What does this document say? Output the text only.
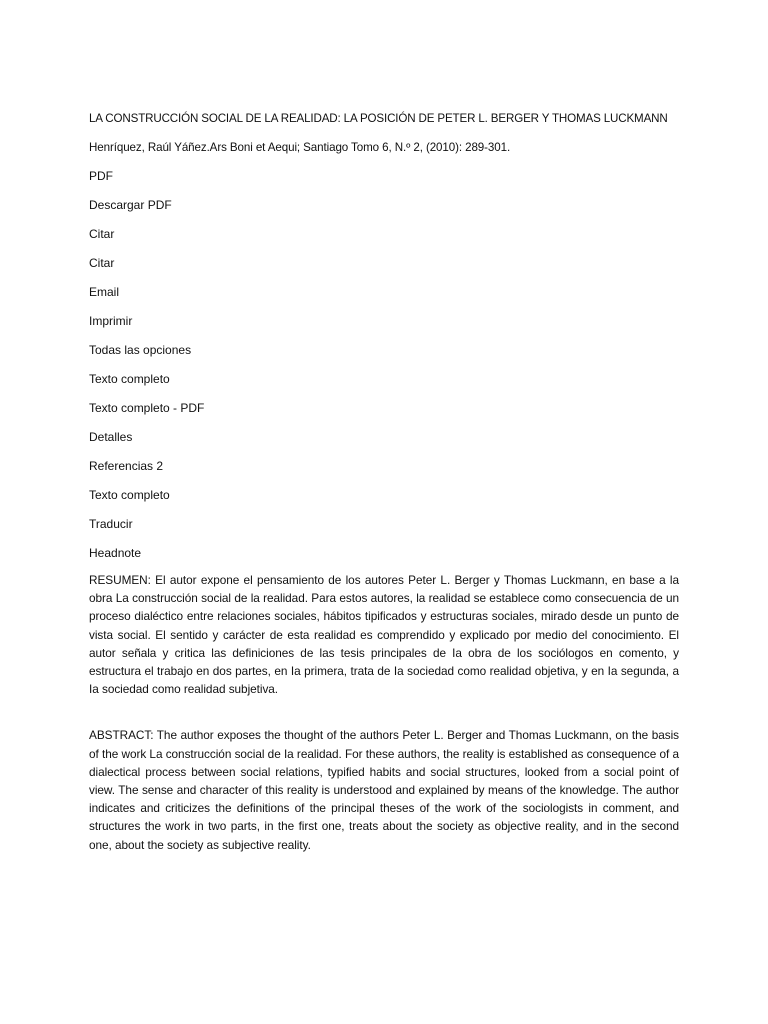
LA CONSTRUCCIÓN SOCIAL DE LA REALIDAD: LA POSICIÓN DE PETER L. BERGER Y THOMAS LUCKMANN

Henríquez, Raúl Yáñez.Ars Boni et Aequi; Santiago Tomo 6, N.º 2, (2010): 289-301.

PDF
Descargar PDF
Citar
Citar
Email
Imprimir
Todas las opciones
Texto completo
Texto completo - PDF
Detalles
Referencias 2
Texto completo
Traducir
Headnote

RESUMEN: El autor expone el pensamiento de los autores Peter L. Berger y Thomas Luckmann, en base a la obra La construcción social de la realidad. Para estos autores, la realidad se establece como consecuencia de un proceso dialéctico entre relaciones sociales, hábitos tipificados y estructuras sociales, mirado desde un punto de vista social. El sentido y carácter de esta realidad es comprendido y explicado por medio del conocimiento. El autor señala y critica las definiciones de las tesis principales de Ia obra de los sociólogos en comento, y estructura el trabajo en dos partes, en Ia primera, trata de Ia sociedad como realidad objetiva, y en Ia segunda, a Ia sociedad como realidad subjetiva.

ABSTRACT: The author exposes the thought of the authors Peter L. Berger and Thomas Luckmann, on the basis of the work La construcción social de Ia realidad. For these authors, the reality is established as consequence of a dialectical process between social relations, typified habits and social structures, looked from a social point of view. The sense and character of this reality is understood and explained by means of the knowledge. The author indicates and criticizes the definitions of the principal theses of the work of the sociologists in comment, and structures the work in two parts, in the first one, treats about the society as objective reality, and in the second one, about the society as subjective reality.
